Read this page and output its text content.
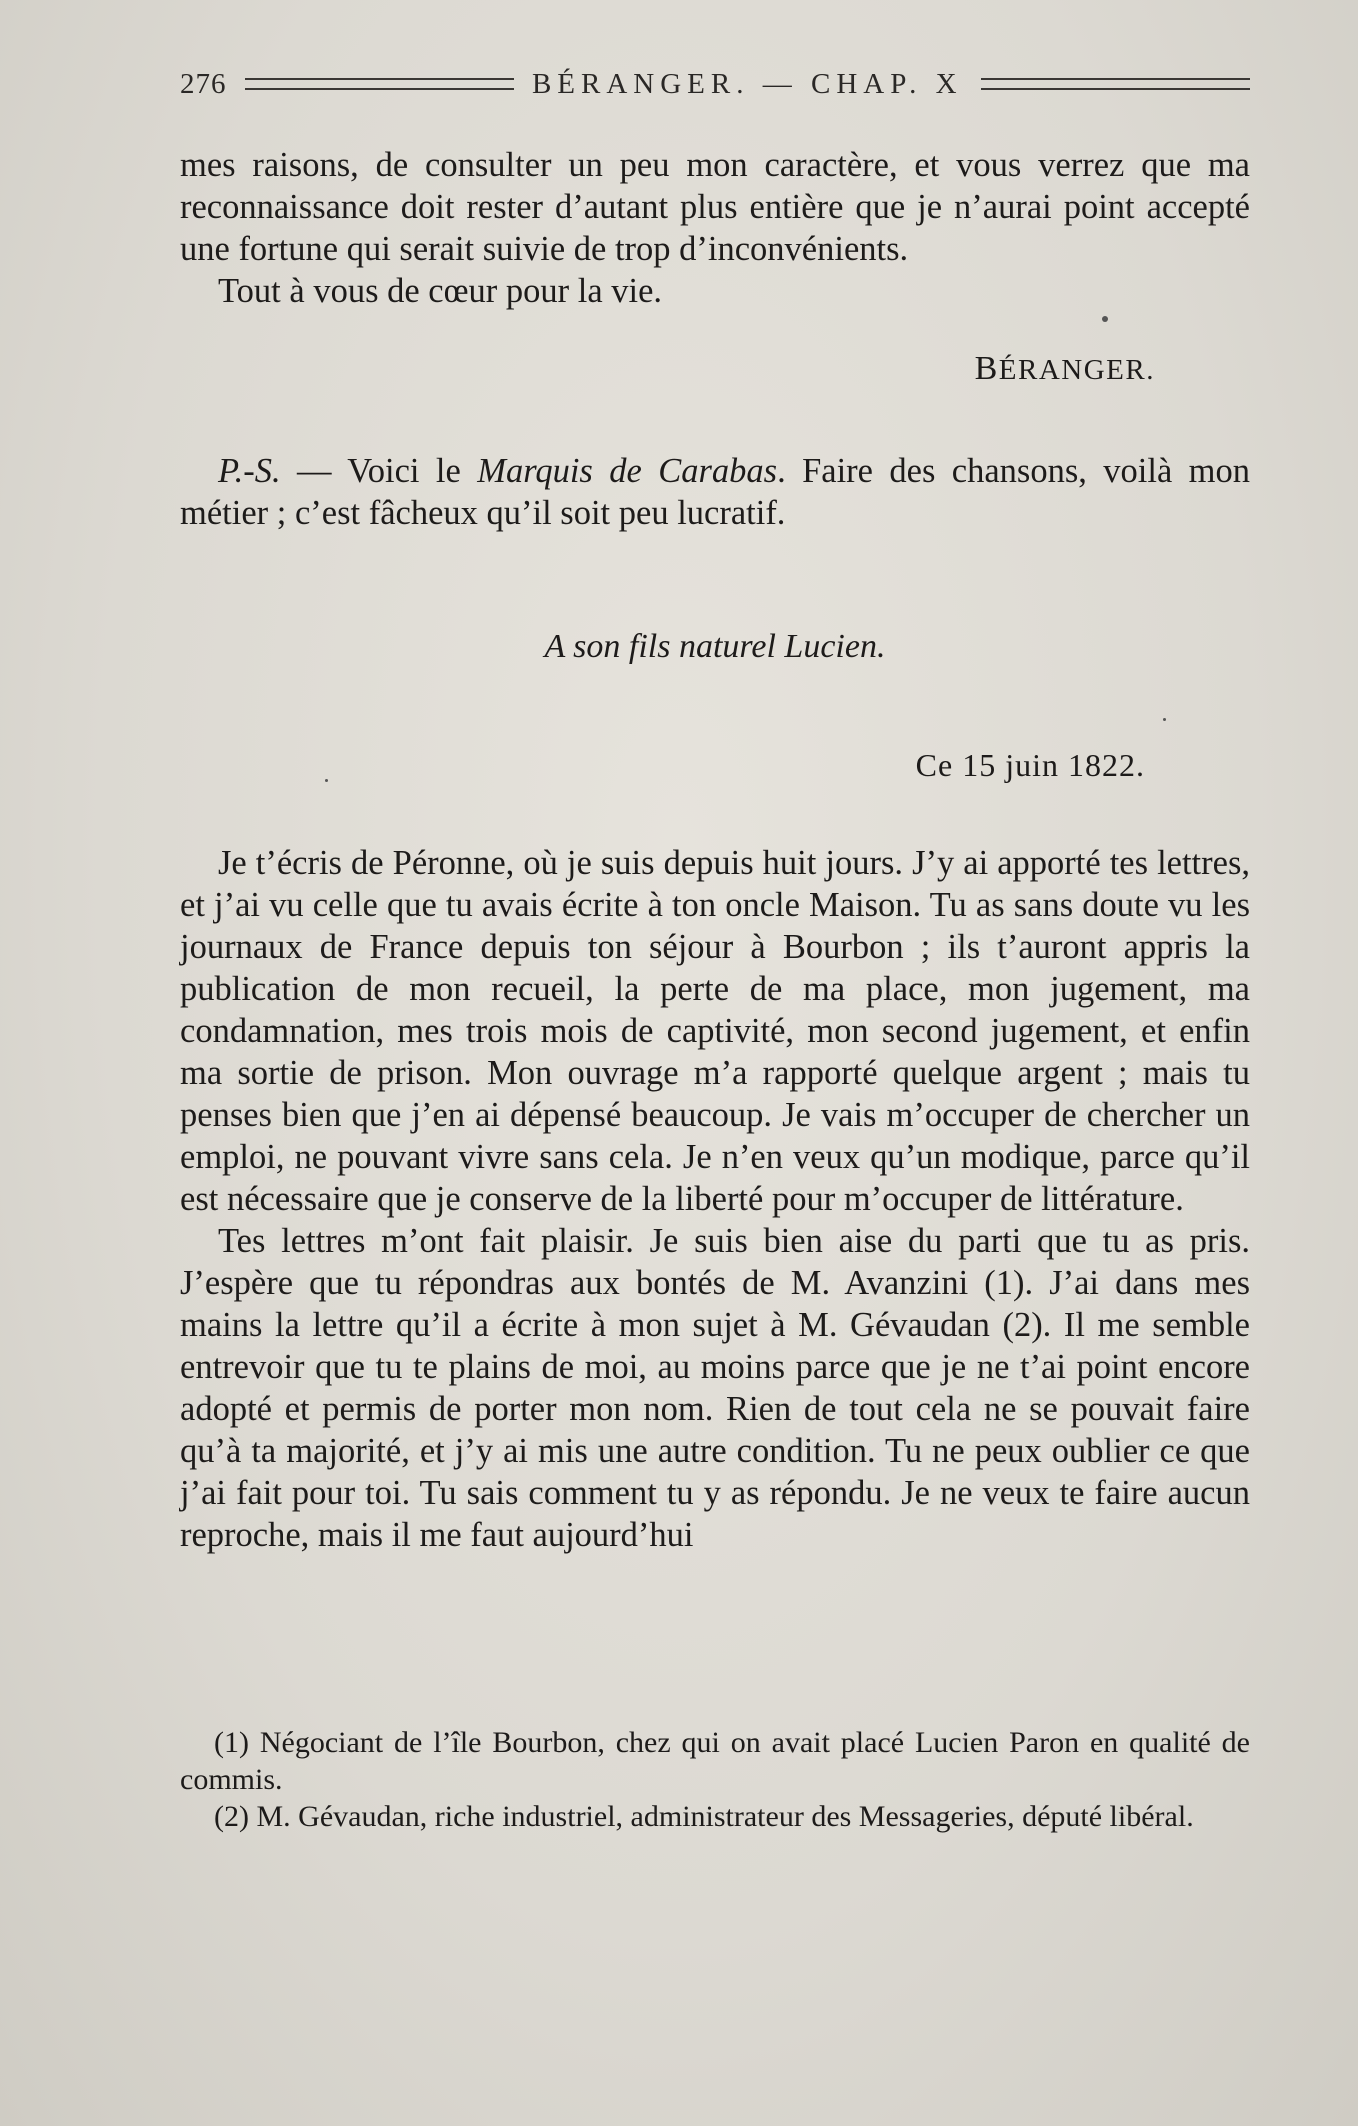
276	BÉRANGER. — CHAP. X

mes raisons, de consulter un peu mon caractère, et vous verrez que ma reconnaissance doit rester d’autant plus entière que je n’aurai point accepté une fortune qui serait suivie de trop d’inconvénients.

Tout à vous de cœur pour la vie.

BÉRANGER.

P.-S. — Voici le Marquis de Carabas. Faire des chansons, voilà mon métier ; c’est fâcheux qu’il soit peu lucratif.

A son fils naturel Lucien.
Ce 15 juin 1822.

Je t’écris de Péronne, où je suis depuis huit jours. J’y ai apporté tes lettres, et j’ai vu celle que tu avais écrite à ton oncle Maison. Tu as sans doute vu les journaux de France depuis ton séjour à Bourbon ; ils t’auront appris la publication de mon recueil, la perte de ma place, mon jugement, ma condamnation, mes trois mois de captivité, mon second jugement, et enfin ma sortie de prison. Mon ouvrage m’a rapporté quelque argent ; mais tu penses bien que j’en ai dépensé beaucoup. Je vais m’occuper de chercher un emploi, ne pouvant vivre sans cela. Je n’en veux qu’un modique, parce qu’il est nécessaire que je conserve de la liberté pour m’occuper de littérature.

Tes lettres m’ont fait plaisir. Je suis bien aise du parti que tu as pris. J’espère que tu répondras aux bontés de M. Avanzini (1). J’ai dans mes mains la lettre qu’il a écrite à mon sujet à M. Gévaudan (2). Il me semble entrevoir que tu te plains de moi, au moins parce que je ne t’ai point encore adopté et permis de porter mon nom. Rien de tout cela ne se pouvait faire qu’à ta majorité, et j’y ai mis une autre condition. Tu ne peux oublier ce que j’ai fait pour toi. Tu sais comment tu y as répondu. Je ne veux te faire aucun reproche, mais il me faut aujourd’hui

(1) Négociant de l’île Bourbon, chez qui on avait placé Lucien Paron en qualité de commis.

(2) M. Gévaudan, riche industriel, administrateur des Messageries, député libéral.
